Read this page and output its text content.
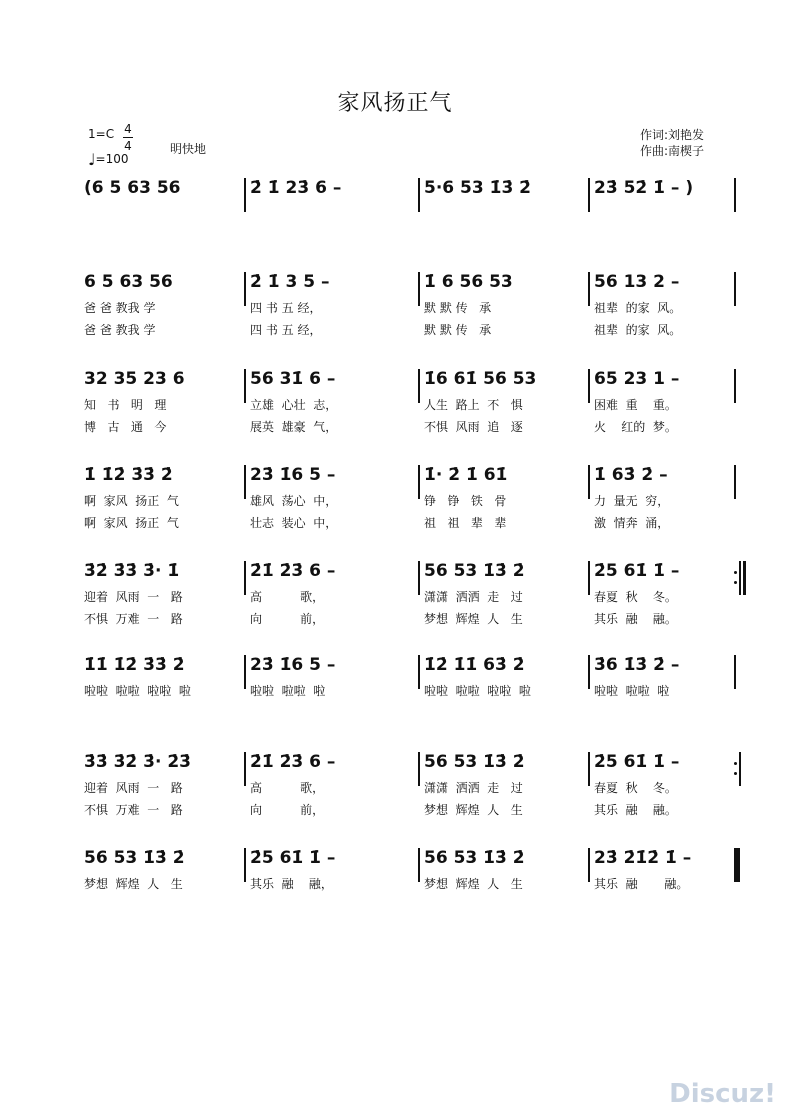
家风扬正气
1=C 4
4
♩=100
明快地
作词:刘艳发
作曲:南楔子
(6 5 63 56	2̇ 1̇ 23̇ 6 –	5·6 53 1̇3̇ 2̇	23̇ 52̇ 1̇ – )
6 5 63 56
爸 爸 教我 学
爸 爸 教我 学
2̇ 1̇ 3 5 –
四 书 五 经，
四 书 五 经，
1̇ 6 56 53
默 默 传   承
默 默 传   承
56 13 2 –
祖辈  的家  风。
祖辈  的家  风。
32 35 23 6
知   书   明   理
博   古   通   今
56 31̇ 6 –
立雄  心壮  志，
展英  雄豪  气，
1̇6 61̇ 56 53
人生  路上  不   惧
不惧  风雨  追   逐
65 23 1 –
困难  重    重。
火    红的  梦。
1̇ 1̇2̇ 3̇3̇ 2̇
啊  家风  扬正  气
啊  家风  扬正  气
23̇ 1̇6 5 –
雄风  荡心  中，
壮志  装心  中，
1̇· 2̇ 1̇ 61̇
铮   铮   铁   骨
祖   祖   辈   辈
1̇ 63̇ 2̇ –
力  量无  穷，
激  情奔  涌，
3̇2̇ 3̇3̇ 3̇· 1̇
迎着  风雨  一   路
不惧  万难  一   路
2̇1̇ 2̇3̇ 6 –
高          歌，
向          前，
56 53 1̇3̇ 2̇
潇潇  洒洒  走   过
梦想  辉煌  人   生
2̇5 61̇ 1̇ –
春夏  秋    冬。
其乐  融    融。
1̇1̇ 1̇2̇ 3̇3̇ 2̇
啦啦  啦啦  啦啦  啦
23̇ 1̇6 5 –
啦啦  啦啦  啦
1̇2̇ 1̇1̇ 63̇ 2̇
啦啦  啦啦  啦啦  啦
3̇6 1̇3̇ 2̇ –
啦啦  啦啦  啦
3̇3̇ 3̇2̇ 3̇· 2̇3̇
迎着  风雨  一   路
不惧  万难  一   路
2̇1̇ 2̇3̇ 6 –
高          歌，
向          前，
56 53 1̇3̇ 2̇
潇潇  洒洒  走   过
梦想  辉煌  人   生
2̇5 61̇ 1̇ –
春夏  秋    冬。
其乐  融    融。
56 53 1̇3̇ 2̇
梦想  辉煌  人   生
2̇5 61̇ 1̇ –
其乐  融    融，
56 53 1̇3̇ 2̇
梦想  辉煌  人   生
23̇ 2̇1̇2̇ 1̇ –
其乐  融       融。
Discuz!
